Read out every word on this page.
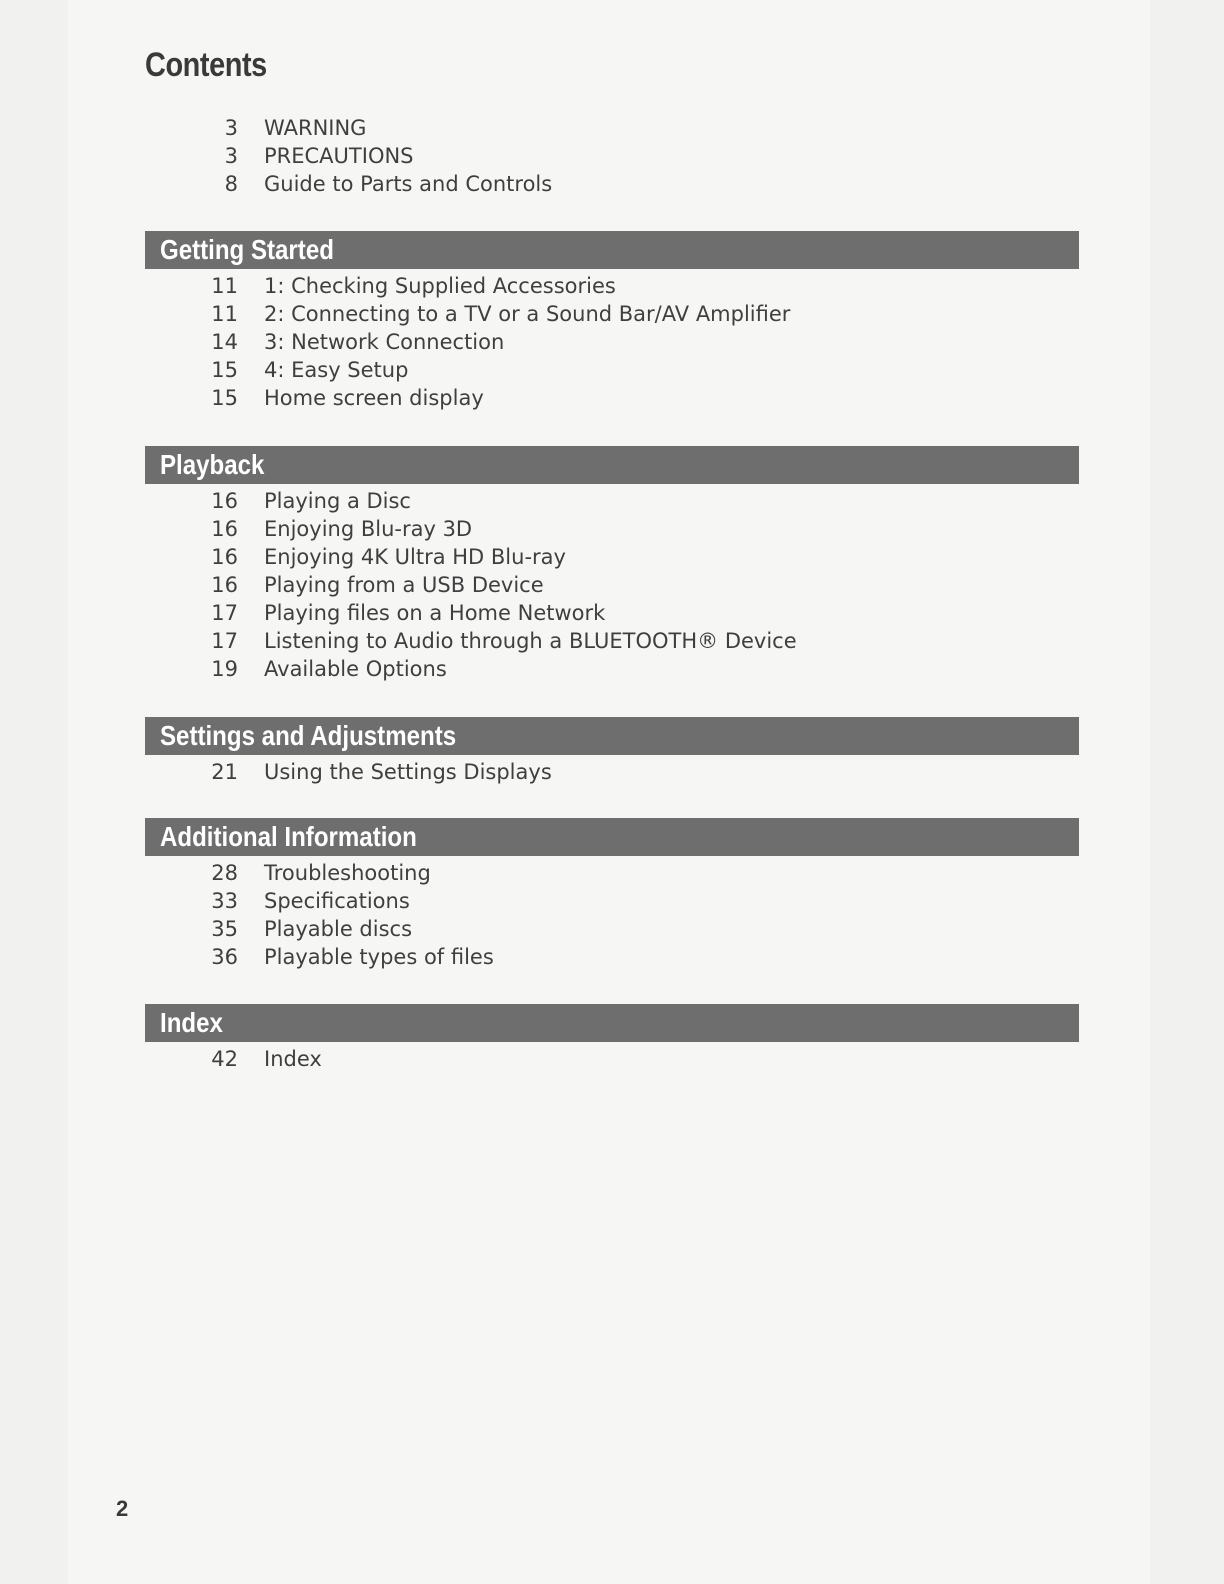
Contents
3 WARNING
3 PRECAUTIONS
8 Guide to Parts and Controls
Getting Started
11 1: Checking Supplied Accessories
11 2: Connecting to a TV or a Sound Bar/AV Amplifier
14 3: Network Connection
15 4: Easy Setup
15 Home screen display
Playback
16 Playing a Disc
16 Enjoying Blu-ray 3D
16 Enjoying 4K Ultra HD Blu-ray
16 Playing from a USB Device
17 Playing files on a Home Network
17 Listening to Audio through a BLUETOOTH® Device
19 Available Options
Settings and Adjustments
21 Using the Settings Displays
Additional Information
28 Troubleshooting
33 Specifications
35 Playable discs
36 Playable types of files
Index
42 Index
2
